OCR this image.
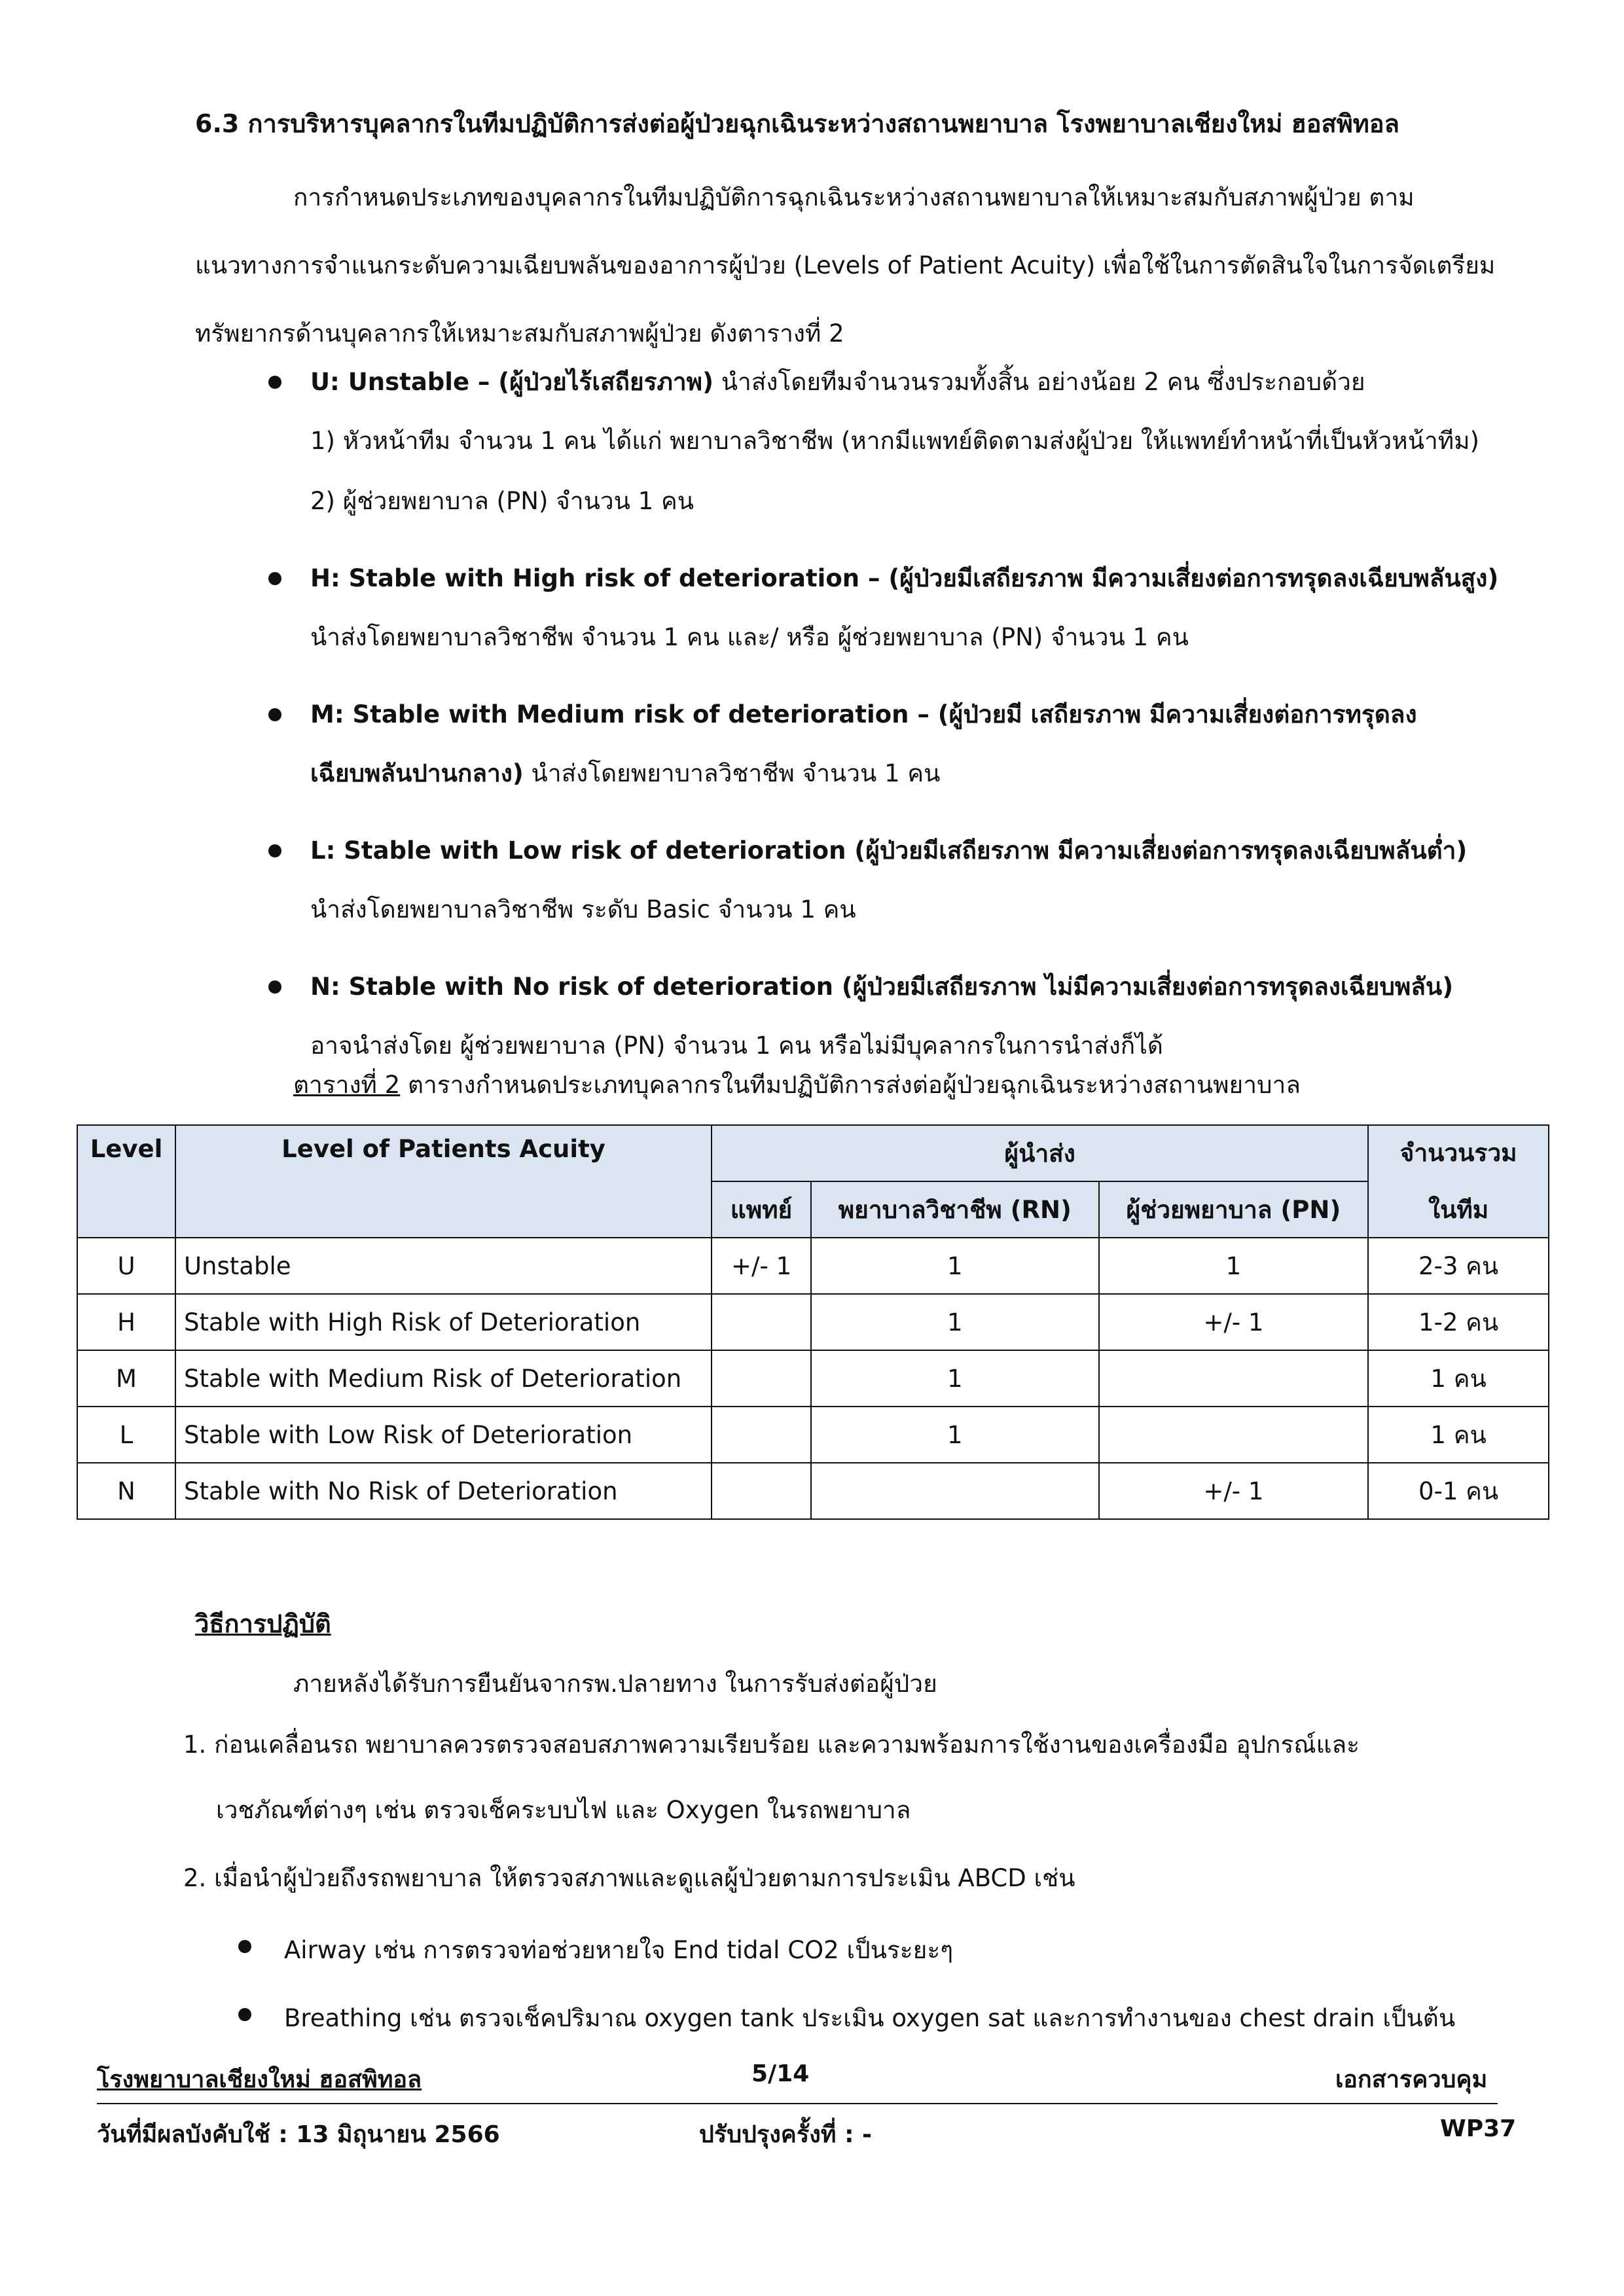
6.3 การบริหารบุคลากรในทีมปฏิบัติการส่งต่อผู้ป่วยฉุกเฉินระหว่างสถานพยาบาล โรงพยาบาลเชียงใหม่ ฮอสพิทอล
การกำหนดประเภทของบุคลากรในทีมปฏิบัติการฉุกเฉินระหว่างสถานพยาบาลให้เหมาะสมกับสภาพผู้ป่วย ตาม
แนวทางการจำแนกระดับความเฉียบพลันของอาการผู้ป่วย (Levels of Patient Acuity) เพื่อใช้ในการตัดสินใจในการจัดเตรียม
ทรัพยากรด้านบุคลากรให้เหมาะสมกับสภาพผู้ป่วย ดังตารางที่ 2
U: Unstable – (ผู้ป่วยไร้เสถียรภาพ) นำส่งโดยทีมจำนวนรวมทั้งสิ้น อย่างน้อย 2 คน ซึ่งประกอบด้วย
1) หัวหน้าทีม จำนวน 1 คน ได้แก่ พยาบาลวิชาชีพ (หากมีแพทย์ติดตามส่งผู้ป่วย ให้แพทย์ทำหน้าที่เป็นหัวหน้าทีม)
2) ผู้ช่วยพยาบาล (PN) จำนวน 1 คน
H: Stable with High risk of deterioration – (ผู้ป่วยมีเสถียรภาพ มีความเสี่ยงต่อการทรุดลงเฉียบพลันสูง)
นำส่งโดยพยาบาลวิชาชีพ จำนวน 1 คน และ/ หรือ ผู้ช่วยพยาบาล (PN) จำนวน 1 คน
M: Stable with Medium risk of deterioration – (ผู้ป่วยมี เสถียรภาพ มีความเสี่ยงต่อการทรุดลง
เฉียบพลันปานกลาง) นำส่งโดยพยาบาลวิชาชีพ จำนวน 1 คน
L: Stable with Low risk of deterioration (ผู้ป่วยมีเสถียรภาพ มีความเสี่ยงต่อการทรุดลงเฉียบพลันต่ำ)
นำส่งโดยพยาบาลวิชาชีพ ระดับ Basic จำนวน 1 คน
N: Stable with No risk of deterioration (ผู้ป่วยมีเสถียรภาพ ไม่มีความเสี่ยงต่อการทรุดลงเฉียบพลัน)
อาจนำส่งโดย ผู้ช่วยพยาบาล (PN) จำนวน 1 คน หรือไม่มีบุคลากรในการนำส่งก็ได้
ตารางที่ 2 ตารางกำหนดประเภทบุคลากรในทีมปฏิบัติการส่งต่อผู้ป่วยฉุกเฉินระหว่างสถานพยาบาล
Level	Level of Patients Acuity	ผู้นำส่ง			จำนวนรวม
ในทีม

		แพทย์	พยาบาลวิชาชีพ (RN)	ผู้ช่วยพยาบาล (PN)	
U	Unstable	+/- 1	1	1	2-3 คน
H	Stable with High Risk of Deterioration		1	+/- 1	1-2 คน
M	Stable with Medium Risk of Deterioration		1		1 คน
L	Stable with Low Risk of Deterioration		1		1 คน
N	Stable with No Risk of Deterioration			+/- 1	0-1 คน
วิธีการปฏิบัติ
ภายหลังได้รับการยืนยันจากรพ.ปลายทาง ในการรับส่งต่อผู้ป่วย
1. ก่อนเคลื่อนรถ พยาบาลควรตรวจสอบสภาพความเรียบร้อย และความพร้อมการใช้งานของเครื่องมือ อุปกรณ์และ
เวชภัณฑ์ต่างๆ เช่น ตรวจเช็คระบบไฟ และ Oxygen ในรถพยาบาล
2. เมื่อนำผู้ป่วยถึงรถพยาบาล ให้ตรวจสภาพและดูแลผู้ป่วยตามการประเมิน ABCD เช่น
Airway เช่น การตรวจท่อช่วยหายใจ End tidal CO2 เป็นระยะๆ
Breathing เช่น ตรวจเช็คปริมาณ oxygen tank ประเมิน oxygen sat และการทำงานของ chest drain เป็นต้น
โรงพยาบาลเชียงใหม่ ฮอสพิทอล	5/14	เอกสารควบคุม
วันที่มีผลบังคับใช้ : 13 มิถุนายน 2566	ปรับปรุงครั้งที่ : -	WP37
